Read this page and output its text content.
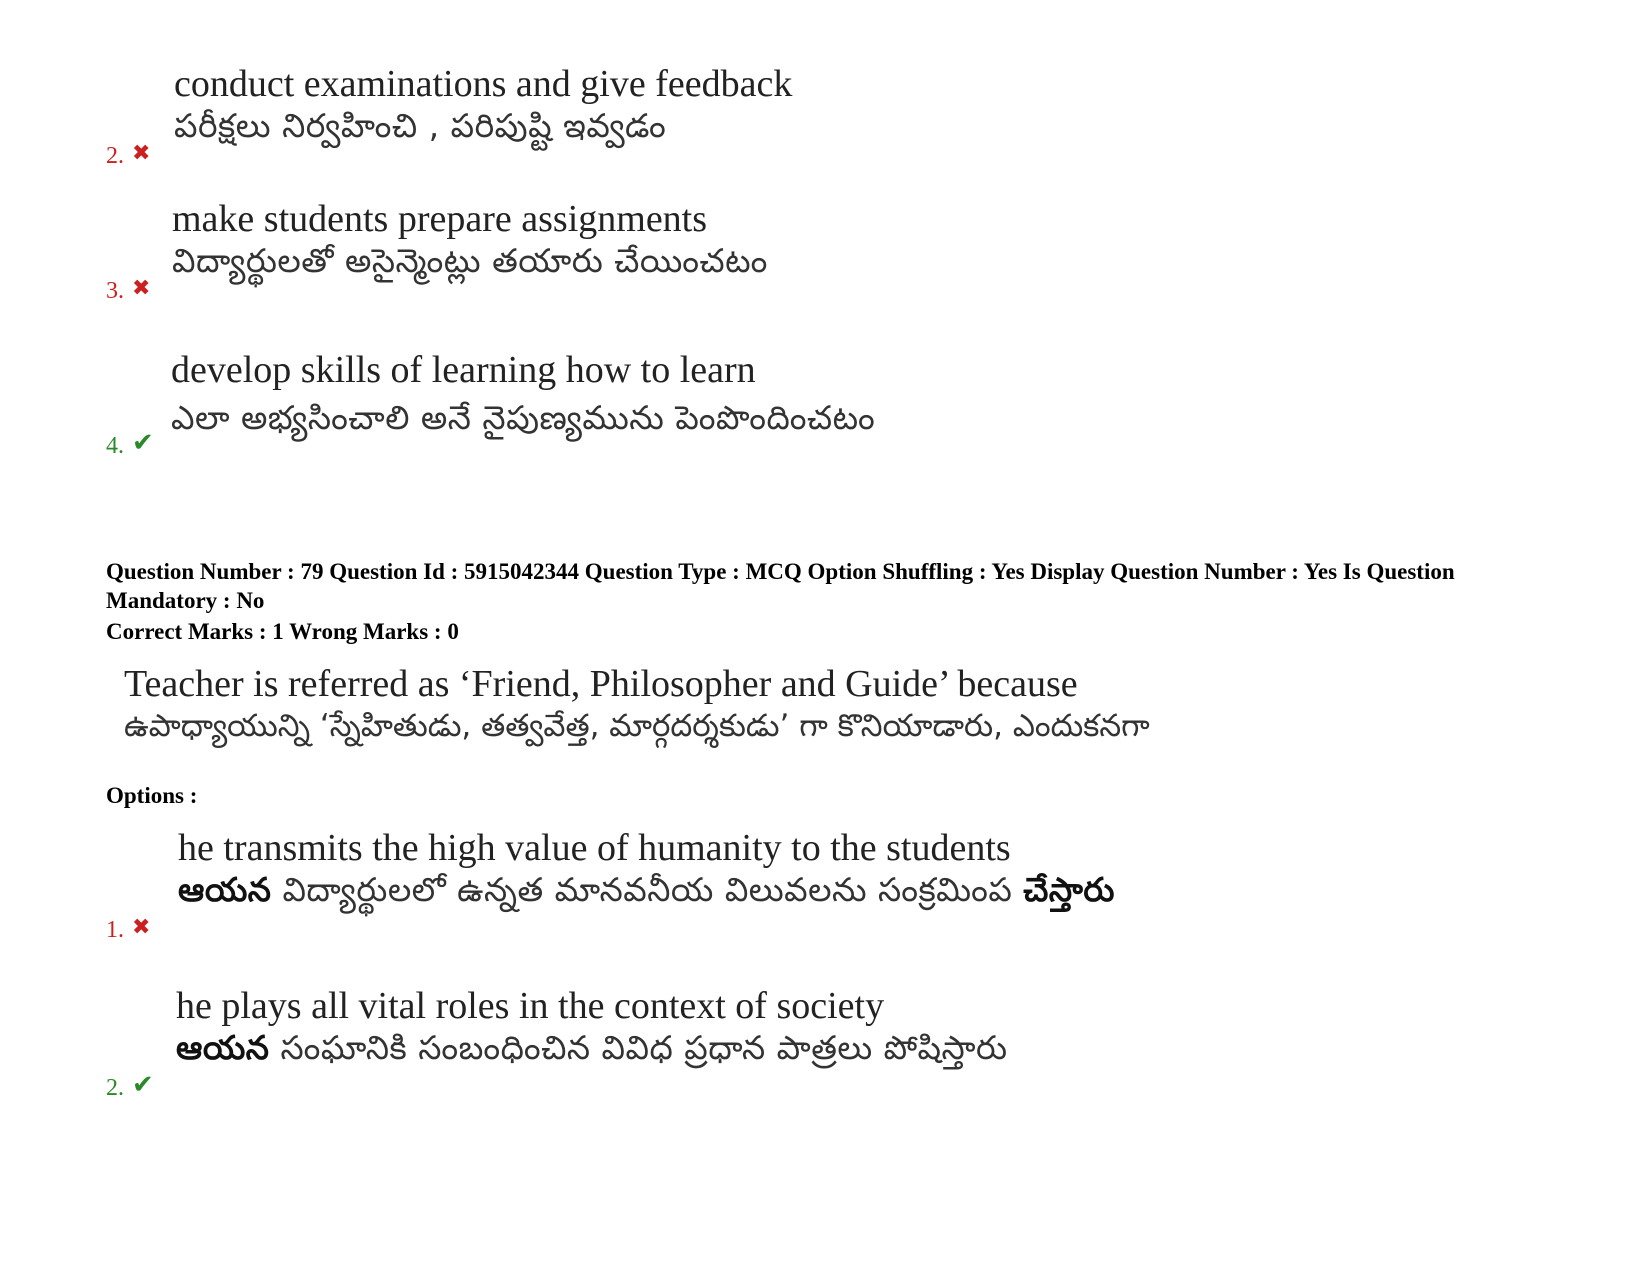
conduct examinations and give feedback
పరీక్షలు నిర్వహించి , పరిపుష్టి ఇవ్వడం
2. ✖
make students prepare assignments
విద్యార్థులతో అసైన్మెంట్లు తయారు చేయించటం
3. ✖
develop skills of learning how to learn
ఎలా అభ్యసించాలి అనే నైపుణ్యమును పెంపొందించటం
4. ✔
Question Number : 79 Question Id : 5915042344 Question Type : MCQ Option Shuffling : Yes Display Question Number : Yes Is Question Mandatory : No
Correct Marks : 1 Wrong Marks : 0
Teacher is referred as ‘Friend, Philosopher and Guide’ because
ఉపాధ్యాయున్ని ‘స్నేహితుడు, తత్వవేత్త, మార్గదర్శకుడు’ గా కొనియాడారు, ఎందుకనగా
Options :
he transmits the high value of humanity to the students
ఆయన విద్యార్థులలో ఉన్నత మానవనీయ విలువలను సంక్రమింప చేస్తారు
1. ✖
he plays all vital roles in the context of society
ఆయన సంఘానికి సంబంధించిన వివిధ ప్రధాన పాత్రలు పోషిస్తారు
2. ✔
